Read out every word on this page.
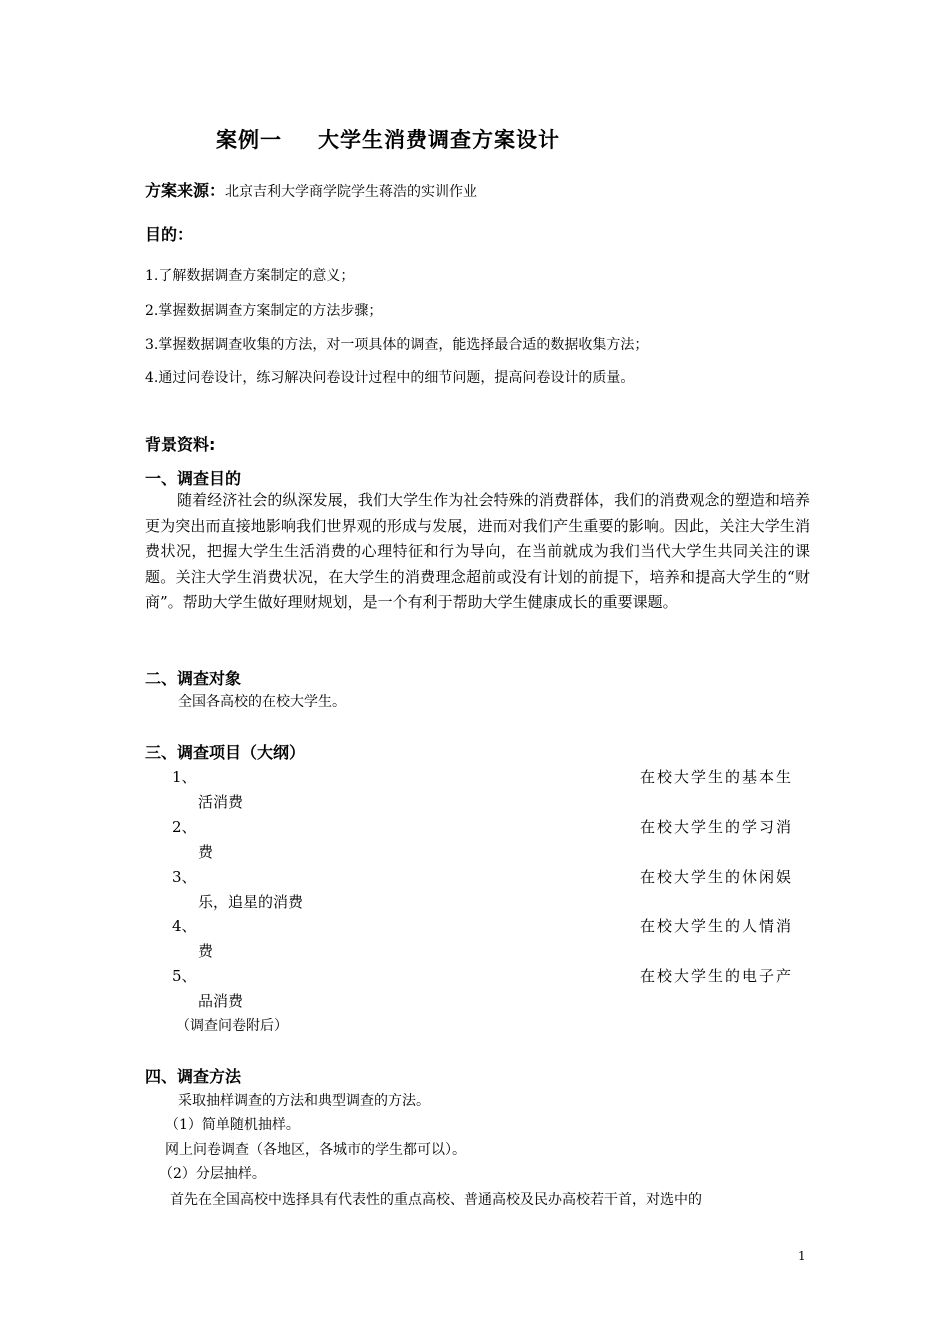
案例一 大学生消费调查方案设计
方案来源：北京吉利大学商学院学生蒋浩的实训作业
目的：
1.了解数据调查方案制定的意义；
2.掌握数据调查方案制定的方法步骤；
3.掌握数据调查收集的方法，对一项具体的调查，能选择最合适的数据收集方法；
4.通过问卷设计，练习解决问卷设计过程中的细节问题，提高问卷设计的质量。
背景资料:
一、调查目的

随着经济社会的纵深发展，我们大学生作为社会特殊的消费群体，我们的消费观念的塑造和培养更为突出而直接地影响我们世界观的形成与发展，进而对我们产生重要的影响。因此，关注大学生消费状况，把握大学生生活消费的心理特征和行为导向，在当前就成为我们当代大学生共同关注的课题。关注大学生消费状况，在大学生的消费理念超前或没有计划的前提下，培养和提高大学生的“财商”。帮助大学生做好理财规划，是一个有利于帮助大学生健康成长的重要课题。

二、调查对象
全国各高校的在校大学生。
三、调查项目（大纲）
1、	在校大学生的基本生
活消费
2、	在校大学生的学习消
费
3、	在校大学生的休闲娱
乐，追星的消费
4、	在校大学生的人情消
费
5、	在校大学生的电子产
品消费
（调查问卷附后）
四、调查方法
采取抽样调查的方法和典型调查的方法。
（1）简单随机抽样。
网上问卷调查（各地区，各城市的学生都可以）。
（2）分层抽样。
首先在全国高校中选择具有代表性的重点高校、普通高校及民办高校若干首，对选中的
1
